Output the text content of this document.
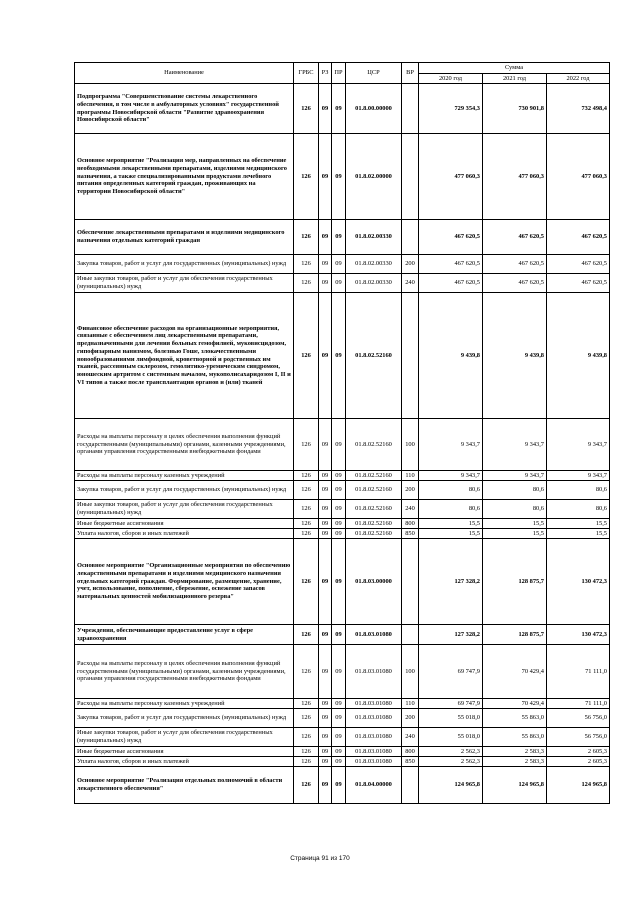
Наименование	ГРБС	РЗ	ПР	ЦСР	ВР	Сумма		
						2020 год	2021 год	2022 год
Подпрограмма "Совершенствование системы лекарственного обеспечения, в том числе в амбулаторных условиях" государственной программы Новосибирской области "Развитие здравоохранения Новосибирской области"	126	09	09	01.8.00.00000		729 354,3	730 901,8	732 498,4
Основное мероприятие "Реализация мер, направленных на обеспечение необходимыми лекарственными препаратами, изделиями медицинского назначения, а также специализированными продуктами лечебного питания определенных категорий граждан, проживающих на территории Новосибирской области"	126	09	09	01.8.02.00000		477 060,3	477 060,3	477 060,3
Обеспечение лекарственными препаратами и изделиями медицинского назначения отдельных категорий граждан	126	09	09	01.8.02.00330		467 620,5	467 620,5	467 620,5
Закупка товаров, работ и услуг для государственных (муниципальных) нужд	126	09	09	01.8.02.00330	200	467 620,5	467 620,5	467 620,5
Иные закупки товаров, работ и услуг для обеспечения государственных (муниципальных) нужд	126	09	09	01.8.02.00330	240	467 620,5	467 620,5	467 620,5
Финансовое обеспечение расходов на организационные мероприятия, связанные с обеспечением лиц лекарственными препаратами, предназначенными для лечения больных гемофилией, муковисцидозом, гипофизарным нанизмом, болезнью Гоше, злокачественными новообразованиями лимфоидной, кроветворной и родственных им тканей, рассеянным склерозом, гемолитико-уремическим синдромом, юношеским артритом с системным началом, мукополисахаридозом I, II и VI типов а также после трансплантации органов и (или) тканей	126	09	09	01.8.02.52160		9 439,8	9 439,8	9 439,8
Расходы на выплаты персоналу в целях обеспечения выполнения функций государственными (муниципальными) органами, казенными учреждениями, органами управления государственными внебюджетными фондами	126	09	09	01.8.02.52160	100	9 343,7	9 343,7	9 343,7
Расходы на выплаты персоналу казенных учреждений	126	09	09	01.8.02.52160	110	9 343,7	9 343,7	9 343,7
Закупка товаров, работ и услуг для государственных (муниципальных) нужд	126	09	09	01.8.02.52160	200	80,6	80,6	80,6
Иные закупки товаров, работ и услуг для обеспечения государственных (муниципальных) нужд	126	09	09	01.8.02.52160	240	80,6	80,6	80,6
Иные бюджетные ассигнования	126	09	09	01.8.02.52160	800	15,5	15,5	15,5
Уплата налогов, сборов и иных платежей	126	09	09	01.8.02.52160	850	15,5	15,5	15,5
Основное мероприятие "Организационные мероприятия по обеспечению лекарственными препаратами и изделиями медицинского назначения отдельных категорий граждан. Формирование, размещение, хранение, учет, использование, пополнение, сбережение, освежение запасов материальных ценностей мобилизационного резерва"	126	09	09	01.8.03.00000		127 328,2	128 875,7	130 472,3
Учреждения, обеспечивающие предоставление услуг в сфере здравоохранения	126	09	09	01.8.03.01080		127 328,2	128 875,7	130 472,3
Расходы на выплаты персоналу в целях обеспечения выполнения функций государственными (муниципальными) органами, казенными учреждениями, органами управления государственными внебюджетными фондами	126	09	09	01.8.03.01080	100	69 747,9	70 429,4	71 111,0
Расходы на выплаты персоналу казенных учреждений	126	09	09	01.8.03.01080	110	69 747,9	70 429,4	71 111,0
Закупка товаров, работ и услуг для государственных (муниципальных) нужд	126	09	09	01.8.03.01080	200	55 018,0	55 863,0	56 756,0
Иные закупки товаров, работ и услуг для обеспечения государственных (муниципальных) нужд	126	09	09	01.8.03.01080	240	55 018,0	55 863,0	56 756,0
Иные бюджетные ассигнования	126	09	09	01.8.03.01080	800	2 562,3	2 583,3	2 605,3
Уплата налогов, сборов и иных платежей	126	09	09	01.8.03.01080	850	2 562,3	2 583,3	2 605,3
Основное мероприятие "Реализация отдельных полномочий в области лекарственного обеспечения"	126	09	09	01.8.04.00000		124 965,8	124 965,8	124 965,8
Страница 91 из 170
